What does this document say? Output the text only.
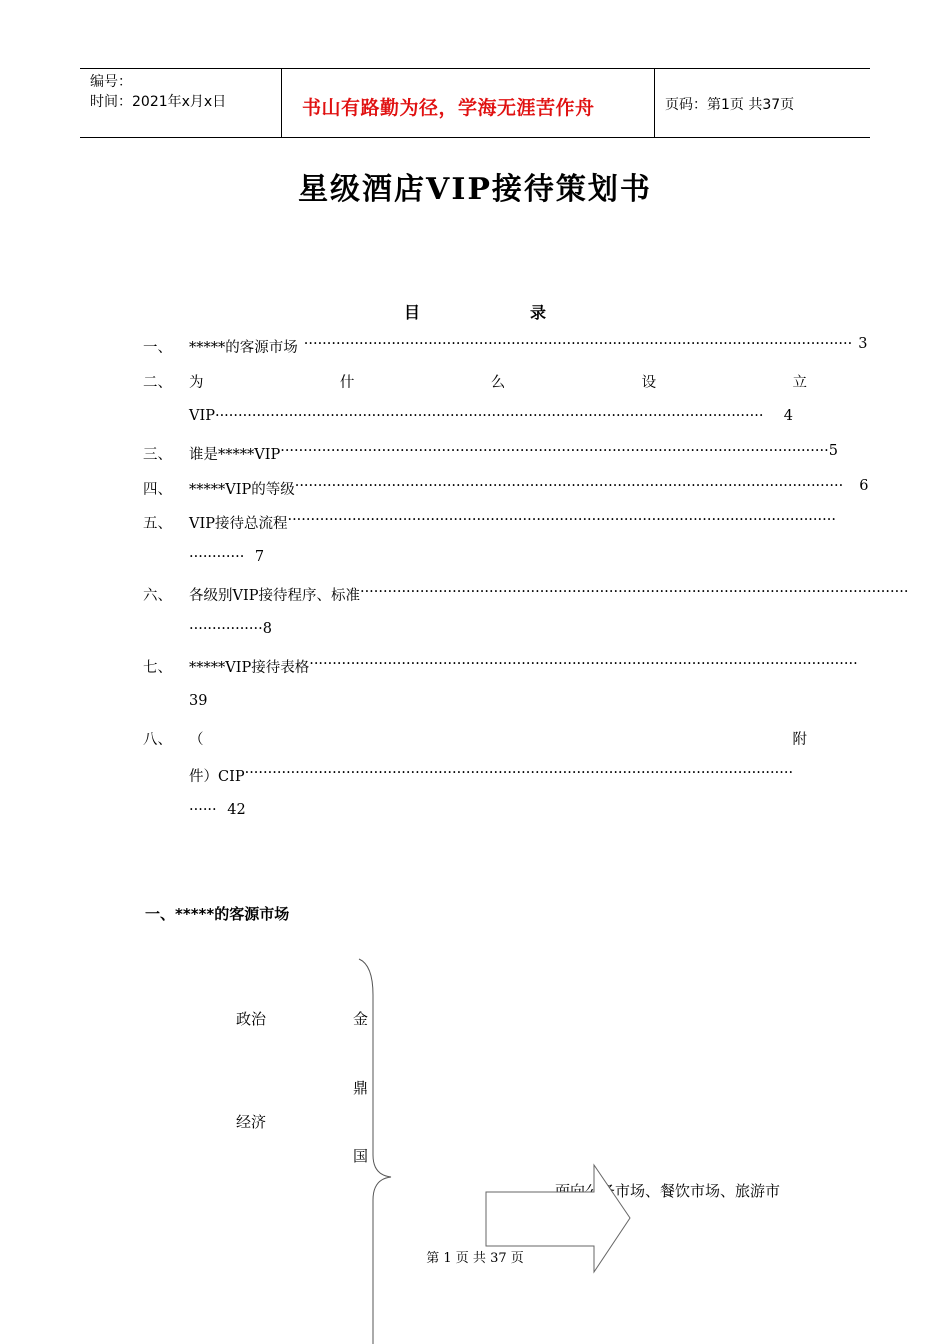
编号：
时间：2021年x月x日	书山有路勤为径，学海无涯苦作舟	页码：第1页 共37页
星级酒店VIP接待策划书
目	录
一、 *****的客源市场 ······················································································································· 3
二、 为	什	么	设	立
VIP ·······················································································································	4
三、 谁是*****VIP ······················································································································· 5
四、 *****VIP的等级 ······················································································································· 6
五、 VIP接待总流程 ·······················································································································
············ 7
六、 各级别VIP接待程序、标准 ·······················································································································
················8
七、 *****VIP接待表格 ·······················································································································
39
八、 （	附
件）CIP ·······················································································································
······ 42
一、*****的客源市场
政治
经济
金
鼎
国
面向公务市场、餐饮市场、旅游市
第 1 页 共 37 页
